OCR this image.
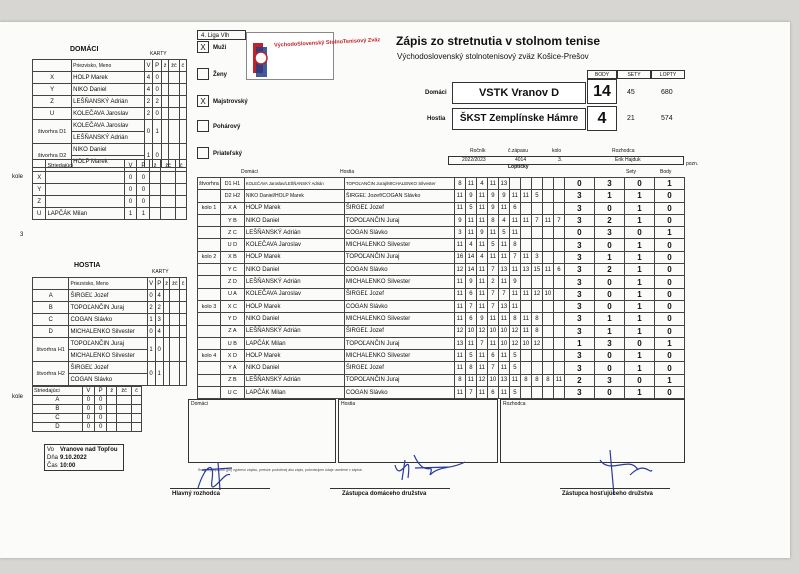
DOMÁCI
KARTY
	Priezvisko, Meno	V	P	ž	žč	č
X	HOLP Marek	4	0			
Y	NIKO Daniel	4	0			
Z	LEŠŇANSKÝ Adrián	2	2			
U	KOLEČAVA Jaroslav	2	0			
štvorhra D1	KOLEČAVA Jaroslav	0	1			
	LEŠŇANSKÝ Adrián					
štvorhra D2	NIKO Daniel	1	0			
	HOLP Marek					
kole
	Striedajúci	V	P	ž	žč	č
X		0	0			
Y		0	0			
Z		0	0			
U	LAPČÁK Milan	1	1			
HOSTIA
KARTY
	Priezvisko, Meno	V	P	ž	žč	č
A	ŠIRGEĽ Jozef	0	4			
B	TOPOĽANČIN Juraj	2	2			
C	COGAN Slávko	1	3			
D	MICHALENKO Silvester	0	4			
štvorhra H1	TOPOĽANČIN Juraj	1	0			
	MICHALENKO Silvester					
štvorhra H2	ŠIRGEĽ Jozef	0	1			
	COGAN Slávko					
kole
Striedajúci	V	P	ž	žč	č
A	0	0			
B	0	0			
C	0	0			
D	0	0			
Vo Vranove nad Topľou
Dňa 9.10.2022
Čas 10:00
4. Liga Vlh
X	Muži
Ženy
X	Majstrovský
Pohárový
Priateľský
VýchodoSlovenský StolnoTenisový Zväz Zápis zo stretnutia v stolnom tenise
Východoslovenský stolnotenisový zväz Košice-Prešov
BODY	SETY	LOPTY
Domáci	VSTK Vranov D	14	45	680
Hostia	ŠKST Zemplínske Hámre	4	21	574
Ročník	č.zápasu	kolo	Rozhodca
2022/2023	4014	3.	Erik Hajduk
pozn.
Domáci	Hostia
Loptičky
Sety	Body
štvorhra	D1 H1	KOLEČAVA Jaroslav/LEŠŇANSKÝ Adrián	TOPOĽANČIN Juraj/MICHALENKO Silvester	8	11	4	11	13						0	3	0	1
	D2 H2	NIKO Daniel/HOLP Marek	ŠIRGEĽ Jozef/COGAN Slávko	11	9	11	9	9	11	11	5			3	1	1	0
kolo 1	X A	HOLP Marek	ŠIRGEĽ Jozef	11	5	11	9	11	6					3	0	1	0
	Y B	NIKO Daniel	TOPOĽANČIN Juraj	9	11	11	8	4	11	11	7	11	7	3	2	1	0
	Z C	LEŠŇANSKÝ Adrián	COGAN Slávko	3	11	9	11	5	11					0	3	0	1
	U D	KOLEČAVA Jaroslav	MICHALENKO Silvester	11	4	11	5	11	8					3	0	1	0
kolo 2	X B	HOLP Marek	TOPOĽANČIN Juraj	16	14	4	11	11	7	11	3			3	1	1	0
	Y C	NIKO Daniel	COGAN Slávko	12	14	11	7	13	11	13	15	11	6	3	2	1	0
	Z D	LEŠŇANSKÝ Adrián	MICHALENKO Silvester	11	9	11	2	11	9					3	0	1	0
	U A	KOLEČAVA Jaroslav	ŠIRGEĽ Jozef	11	6	11	7	7	11	11	12	10		3	0	1	0
kolo 3	X C	HOLP Marek	COGAN Slávko	11	7	11	7	13	11					3	0	1	0
	Y D	NIKO Daniel	MICHALENKO Silvester	11	6	9	11	11	8	11	8			3	1	1	0
	Z A	LEŠŇANSKÝ Adrián	ŠIRGEĽ Jozef	12	10	12	10	10	12	11	8			3	1	1	0
	U B	LAPČÁK Milan	TOPOĽANČIN Juraj	13	11	7	11	10	12	10	12			1	3	0	1
kolo 4	X D	HOLP Marek	MICHALENKO Silvester	11	5	11	6	11	5					3	0	1	0
	Y A	NIKO Daniel	ŠIRGEĽ Jozef	11	8	11	7	11	5					3	0	1	0
	Z B	LEŠŇANSKÝ Adrián	TOPOĽANČIN Juraj	8	11	12	10	13	11	8	8	8	11	2	3	0	1
	U C	LAPČÁK Milan	COGAN Slávko	11	7	11	6	11	5					3	0	1	0
Domáci	Hostia	Rozhodca
Svojím podpisom (po) vyplnení zápisu, pretože podrobnej ako zápis, potvrdzujem údaje uvedené v zápise.
Hlavný rozhodca	Zástupca domáceho družstva	Zástupca hosťujúceho družstva
3
